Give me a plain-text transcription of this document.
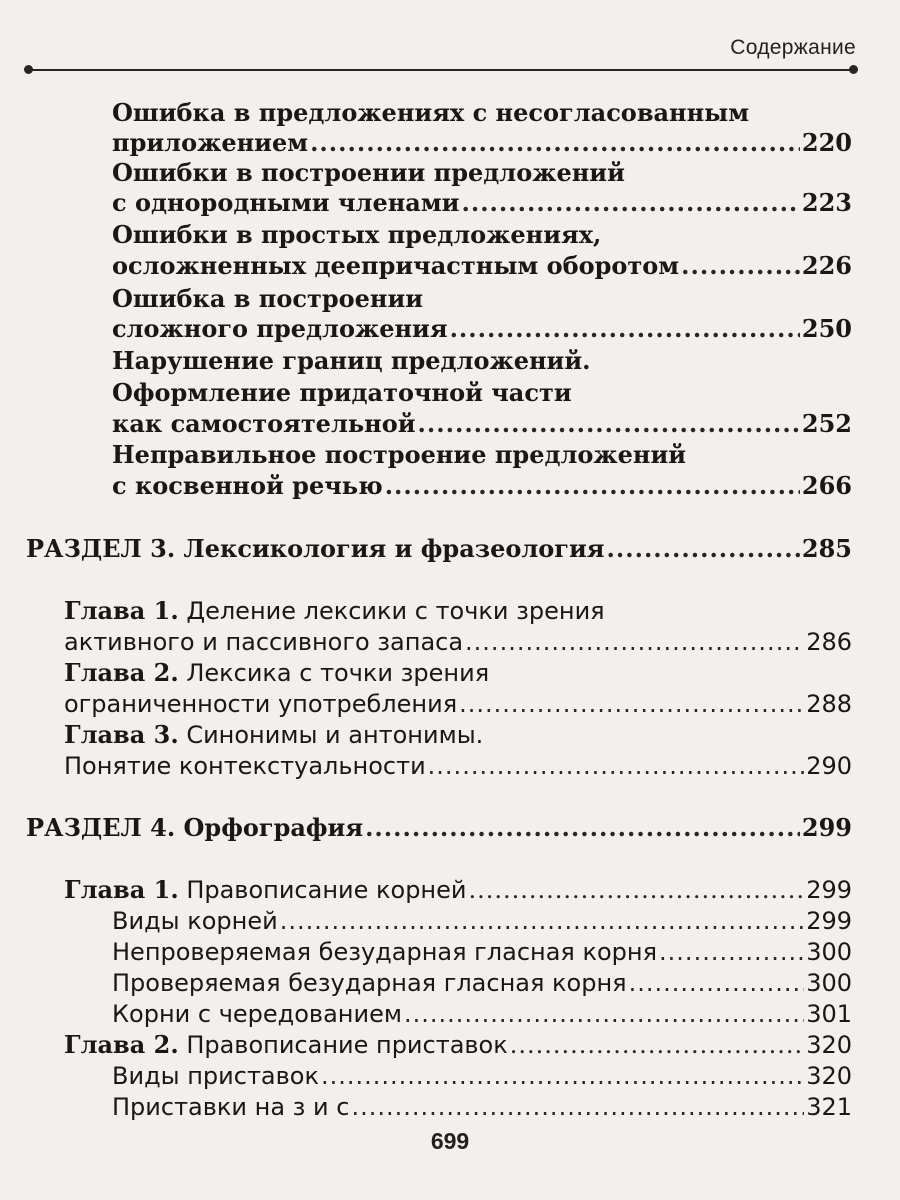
Содержание
Ошибка в предложениях с несогласованным
приложением .....	220
Ошибки в построении предложений
с однородными членами .....	223
Ошибки в простых предложениях,
осложненных деепричастным оборотом .....	226
Ошибка в построении
сложного предложения .....	250
Нарушение границ предложений.
Оформление придаточной части
как самостоятельной .....	252
Неправильное построение предложений
с косвенной речью .....	266
РАЗДЕЛ 3. Лексикология и фразеология .....	285
Глава 1. Деление лексики с точки зрения
активного и пассивного запаса .....	286
Глава 2. Лексика с точки зрения
ограниченности употребления .....	288
Глава 3. Синонимы и антонимы.
Понятие контекстуальности .....	290
РАЗДЕЛ 4. Орфография .....	299
Глава 1. Правописание корней .....	299
Виды корней .....	299
Непроверяемая безударная гласная корня .....	300
Проверяемая безударная гласная корня .....	300
Корни с чередованием .....	301
Глава 2. Правописание приставок .....	320
Виды приставок .....	320
Приставки на з и с .....	321
699
